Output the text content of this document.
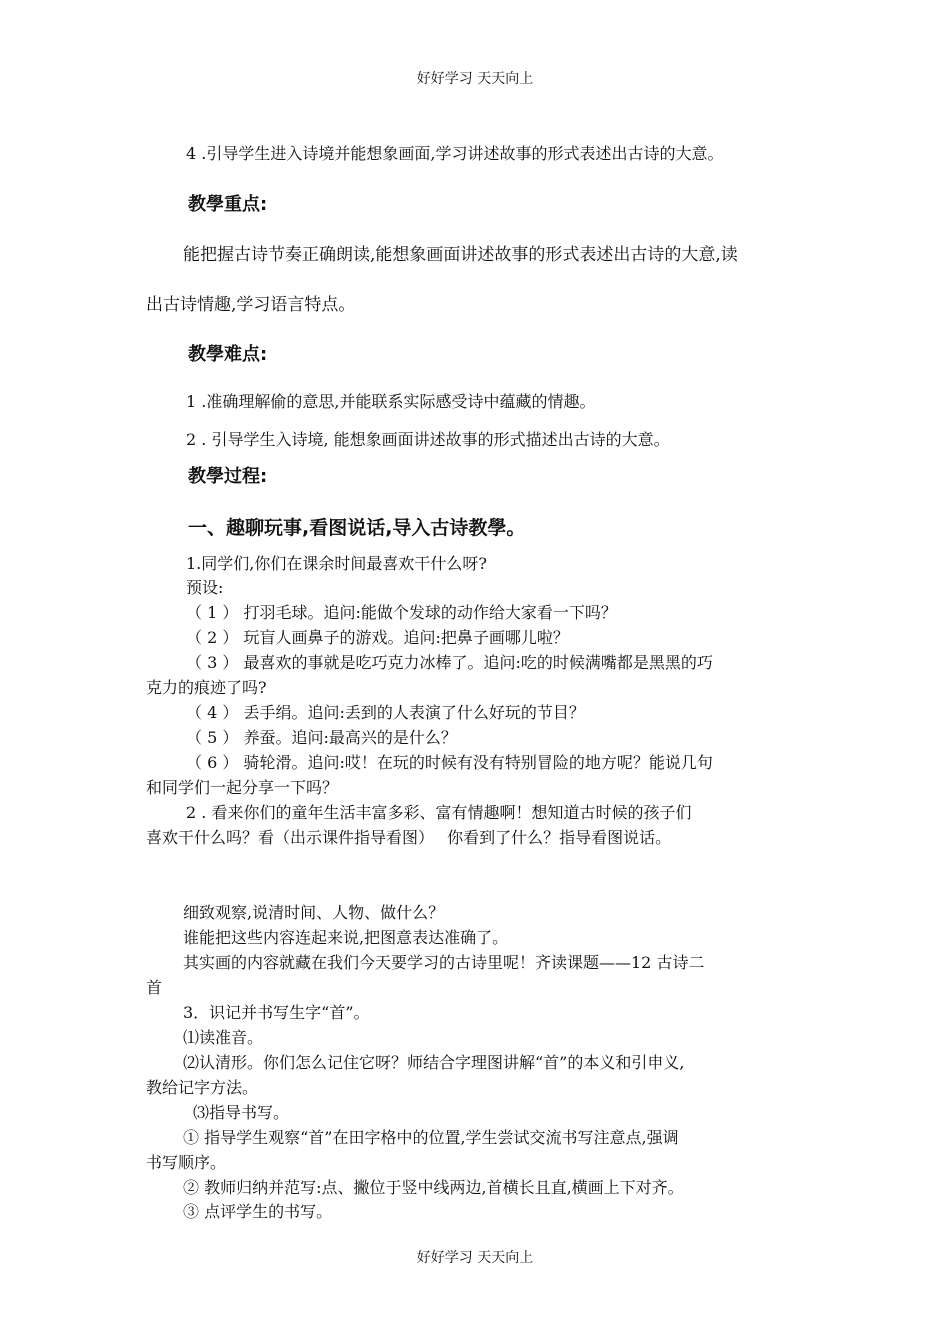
好好学习 天天向上
4 .引导学生进入诗境并能想象画面,学习讲述故事的形式表述出古诗的大意。
教學重点:
能把握古诗节奏正确朗读,能想象画面讲述故事的形式表述出古诗的大意,读
出古诗情趣,学习语言特点。
教學难点:
1 .准确理解偷的意思,并能联系实际感受诗中蕴藏的情趣。
2 . 引导学生入诗境, 能想象画面讲述故事的形式描述出古诗的大意。
教學过程:
一、趣聊玩事,看图说话,导入古诗教學。
1.同学们,你们在课余时间最喜欢干什么呀?
预设:
（ 1 ） 打羽毛球。追问:能做个发球的动作给大家看一下吗？
（ 2 ） 玩盲人画鼻子的游戏。追问:把鼻子画哪儿啦？
（ 3 ） 最喜欢的事就是吃巧克力冰棒了。追问:吃的时候满嘴都是黑黑的巧
克力的痕迹了吗?
（ 4 ） 丢手绢。追问:丢到的人表演了什么好玩的节目？
（ 5 ） 养蚕。追问:最高兴的是什么？
（ 6 ） 骑轮滑。追问:哎！在玩的时候有没有特别冒险的地方呢？能说几句
和同学们一起分享一下吗？
2 . 看来你们的童年生活丰富多彩、富有情趣啊！想知道古时候的孩子们
喜欢干什么吗？看（出示课件指导看图）　 你看到了什么？指导看图说话。
细致观察,说清时间、人物、做什么？
谁能把这些内容连起来说,把图意表达准确了。
其实画的内容就藏在我们今天要学习的古诗里呢！齐读课题——12 古诗二
首
3．识记并书写生字“首”。
⑴读准音。
⑵认清形。你们怎么记住它呀？师结合字理图讲解“首”的本义和引申义,
教给记字方法。
⑶指导书写。
① 指导学生观察“首”在田字格中的位置,学生尝试交流书写注意点,强调
书写顺序。
② 教师归纳并范写:点、撇位于竖中线两边,首横长且直,横画上下对齐。
③ 点评学生的书写。
好好学习 天天向上
